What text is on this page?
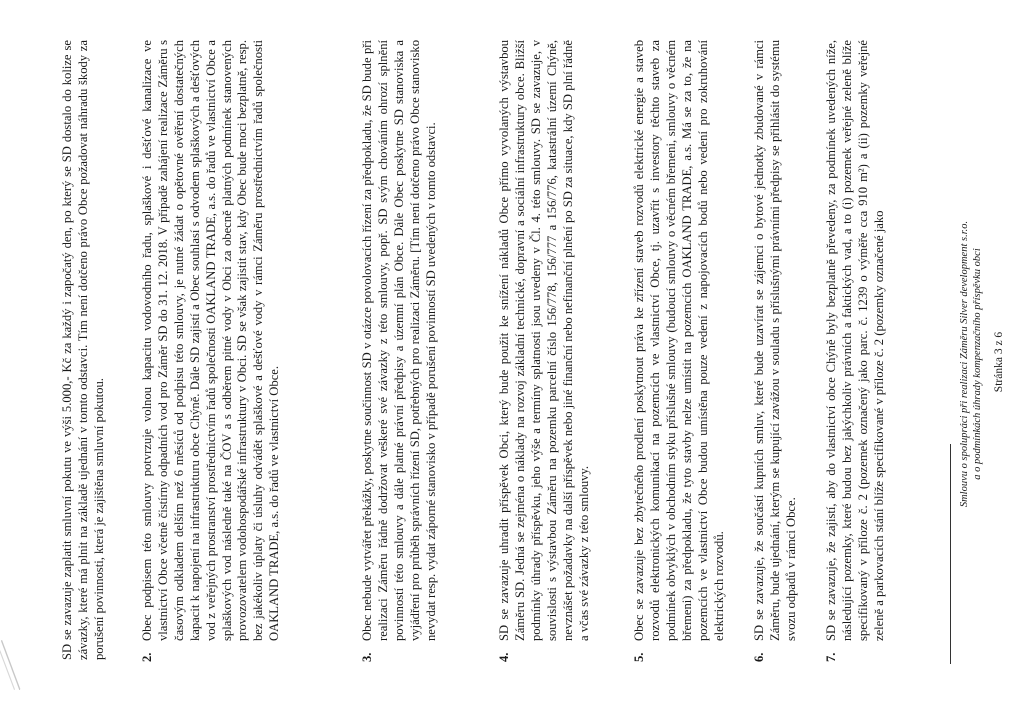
SD se zavazuje zaplatit smluvní pokutu ve výši 5.000,- Kč za každý i započatý den, po který se SD dostalo do kolize se závazky, které má plnit na základě ujednání v tomto odstavci. Tím není dotčeno právo Obce požadovat náhradu škody za porušení povinnosti, která je zajištěna smluvní pokutou.	2.
Obec podpisem této smlouvy potvrzuje volnou kapacitu vodovodního řadu, splaškové i dešťové kanalizace ve vlastnictví Obce včetně čistírny odpadních vod pro Záměr SD do 31. 12. 2018. V případě zahájení realizace Záměru s časovým odkladem delším než 6 měsíců od podpisu této smlouvy, je nutné žádat o opětovné ověření dostatečných kapacit k napojení na infrastrukturu obce Chýně. Dále SD zajistí a Obec souhlasí s odvodem splaškových a dešťových vod z veřejných prostranství prostřednictvím řadů společnosti OAKLAND TRADE, a.s. do řadů ve vlastnictví Obce a splaškových vod následně také na ČOV a s odběrem pitné vody v Obci za obecně platných podmínek stanovených provozovatelem vodohospodářské infrastruktury v Obci. SD se však zajistit stav, kdy Obec bude moci bezplatně, resp. bez jakékoliv úplaty či úsluhy odvádět splaškové a dešťové vody v rámci Záměru prostřednictvím řadů společnosti OAKLAND TRADE, a.s. do řadů ve vlastnictví Obce.
3.
Obec nebude vytvářet překážky, poskytne součinnost SD v otázce povolovacích řízení za předpokladu, že SD bude při realizaci Záměru řádně dodržovat veškeré své závazky z této smlouvy, popř. SD svým chováním ohrozí splnění povinností této smlouvy a dále platné právní předpisy a územní plán Obce. Dále Obec poskytne SD stanoviska a vyjádření pro průběh správních řízení SD, potřebných pro realizaci Záměru. [Tím není dotčeno právo Obce stanovisko nevydat resp. vydat záporné stanovisko v případě porušení povinností SD uvedených v tomto odstavci.
4.
SD se zavazuje uhradit příspěvek Obci, který bude použit ke snížení nákladů Obce přímo vyvolaných výstavbou Záměru SD. Jedná se zejména o náklady na rozvoj základní technické, dopravní a sociální infrastruktury obce. Bližší podmínky úhrady příspěvku, jeho výše a termíny splatnosti jsou uvedeny v Čl. 4. této smlouvy. SD se zavazuje, v souvislosti s výstavbou Záměru na pozemku parcelní číslo 156/778, 156/777 a 156/776, katastrální území Chýně, nevznášet požadavky na další příspěvek nebo jiné finanční nebo nefinanční plnění po SD za situace, kdy SD plní řádně a včas své závazky z této smlouvy.
5.
Obec se zavazuje bez zbytečného prodlení poskytnout práva ke zřízení staveb rozvodů elektrické energie a staveb rozvodů elektronických komunikací na pozemcích ve vlastnictví Obce, tj. uzavřít s investory těchto staveb za podmínek obvyklých v obchodním styku příslušné smlouvy (budoucí smlouvy o věcném břemeni, smlouvy o věcném břemeni) za předpokladu, že tyto stavby nelze umístit na pozemcích OAKLAND TRADE, a.s. Má se za to, že na pozemcích ve vlastnictví Obce budou umístěna pouze vedení z napojovacích bodů nebo vedení pro zokruhování elektrických rozvodů.
6.
SD se zavazuje, že součástí kupních smluv, které bude uzavírat se zájemci o bytové jednotky zbudované v rámci Záměru, bude ujednání, kterým se kupující zavážou v souladu s příslušnými právními předpisy se přihlásit do systému svozu odpadů v rámci Obce.
7.
SD se zavazuje, že zajistí, aby do vlastnictví obce Chýně byly bezplatně převedeny, za podmínek uvedených níže, následující pozemky, které budou bez jakýchkoliv právních a faktických vad, a to (i) pozemek veřejné zeleně blíže specifikovaný v příloze č. 2 (pozemek označený jako parc. č. 1239 o výměře cca 910 m²) a (ii) pozemky veřejné zeleně a parkovacích stání blíže specifikované v příloze č. 2 (pozemky označené jako	Smlouvu o spolupráci při realizaci Záměru Silver development s.r.o. a o podmínkách úhrady kompenzačního příspěvku obci Stránka 3 z 6
